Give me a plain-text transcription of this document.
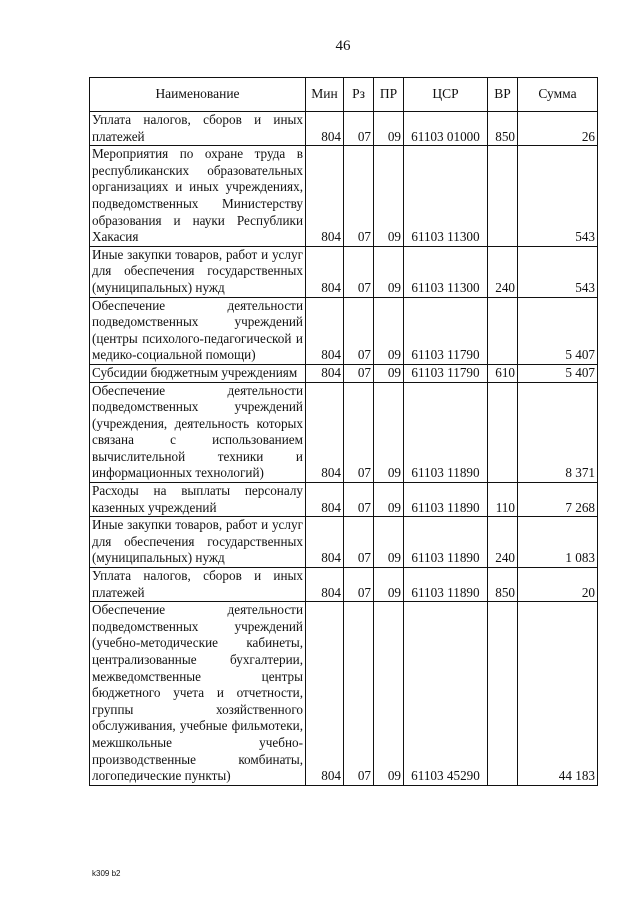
46
Наименование	Мин	Рз	ПР	ЦСР	ВР	Сумма
Уплата налогов, сборов и иных платежей	804	07	09	61103 01000	850	26
Мероприятия по охране труда в республиканских образовательных организациях и иных учреждениях, подведомственных Министерству образования и науки Республики Хакасия	804	07	09	61103 11300		543
Иные закупки товаров, работ и услуг для обеспечения государственных (муниципальных) нужд	804	07	09	61103 11300	240	543
Обеспечение деятельности подведомственных учреждений (центры психолого-педагогической и медико-социальной помощи)	804	07	09	61103 11790		5 407
Субсидии бюджетным учреждениям	804	07	09	61103 11790	610	5 407
Обеспечение деятельности подведомственных учреждений (учреждения, деятельность которых связана с использованием вычислительной техники и информационных технологий)	804	07	09	61103 11890		8 371
Расходы на выплаты персоналу казенных учреждений	804	07	09	61103 11890	110	7 268
Иные закупки товаров, работ и услуг для обеспечения государственных (муниципальных) нужд	804	07	09	61103 11890	240	1 083
Уплата налогов, сборов и иных платежей	804	07	09	61103 11890	850	20
Обеспечение деятельности подведомственных учреждений (учебно-методические кабинеты, централизованные бухгалтерии, межведомственные центры бюджетного учета и отчетности, группы хозяйственного обслуживания, учебные фильмотеки, межшкольные учебно-производственные комбинаты, логопедические пункты)	804	07	09	61103 45290		44 183
k309 b2
